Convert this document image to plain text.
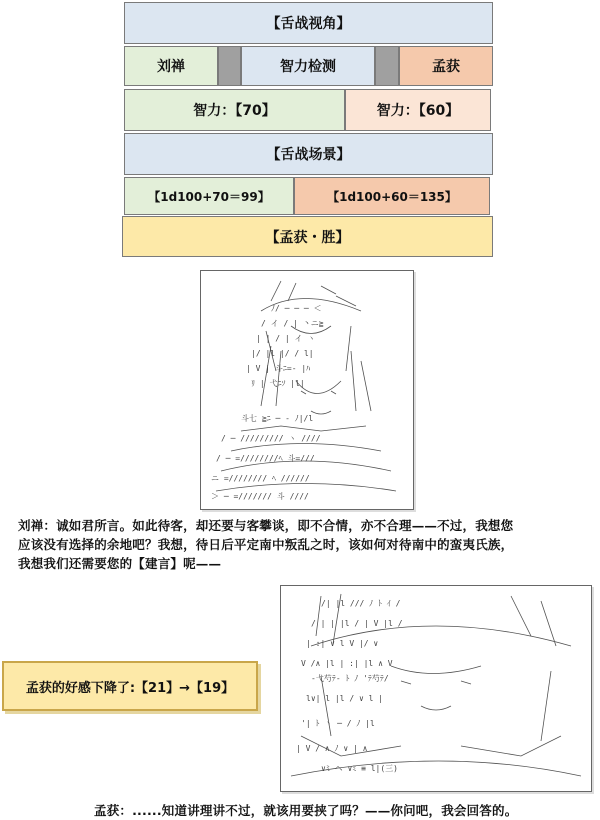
【舌战视角】
刘禅	智力检测	孟获
智力：【70】	智力：【60】
【舌战场景】
【1d100+70＝99】	【1d100+60＝135】
【孟获・胜】
ﾉ/ ─ ─ ─ ＜
/ イ / | 丶ニ≧
| | / | イ ヽ
|/ |l |/ / l|
| V | 斗ﾆ=‐ |ﾊ
ﾘ | 弋ﾆｿ |l|
斗七 ≧ﾆ ─ ‐ ﾉ|/l
/ ─ ///////// ヽ ////
/ ─ =////////ﾍ 斗=///
ニ =//////// ﾍ //////
＞ ─ =/////// 斗 ////
刘禅：诚如君所言。如此待客，却还要与客攀谈，即不合情，亦不合理——不过，我想您
应该没有选择的余地吧？我想，待日后平定南中叛乱之时，该如何对待南中的蛮夷氏族，
我想我们还需要您的【建言】呢——
/| |l /// ﾉ ﾄ ｲ /
/ | | |l / | V |l /
| :| ∨ l V |/ ∨
V /∧ |l | :| |l ∧ V
-弋芍ﾃ- ﾄ ﾉ 'ﾃ芍ﾃ/
l∨| l |l / ∨ l |
'| ﾄ ヽ ─ / ﾉ |l
| V / ∧ ﾉ ∨ | ∧
∨ﾐ ヘ ∨ﾐ ≡ l|(三)
孟获的好感下降了:【21】→【19】
孟获：......知道讲理讲不过，就该用要挟了吗？——你问吧，我会回答的。
